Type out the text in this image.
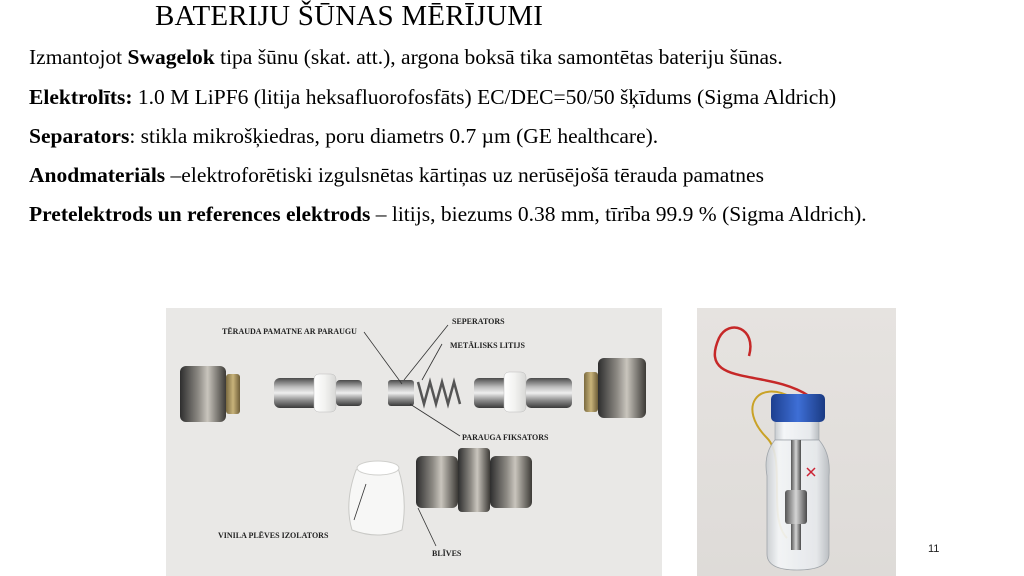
BATERIJU ŠŪNAS MĒRĪJUMI
Izmantojot Swagelok tipa šūnu (skat. att.), argona boksā tika samontētas bateriju šūnas.
Elektrolīts: 1.0 M LiPF6 (litija heksafluorofosfāts) EC/DEC=50/50 šķīdums (Sigma Aldrich)
Separators: stikla mikrošķiedras, poru diametrs 0.7 µm (GE healthcare).
Anodmateriāls –elektroforētiski izgulsnētas kārtiņas uz nerūsējošā tērauda pamatnes
Pretelektrods un references elektrods – litijs, biezums 0.38 mm, tīrība 99.9 % (Sigma Aldrich).
TĒRAUDA PAMATNE AR PARAUGU
SEPERATORS
METĀLISKS LITIJS
PARAUGA FIKSATORS
VINILA PLĒVES IZOLATORS
BLĪVES	11
